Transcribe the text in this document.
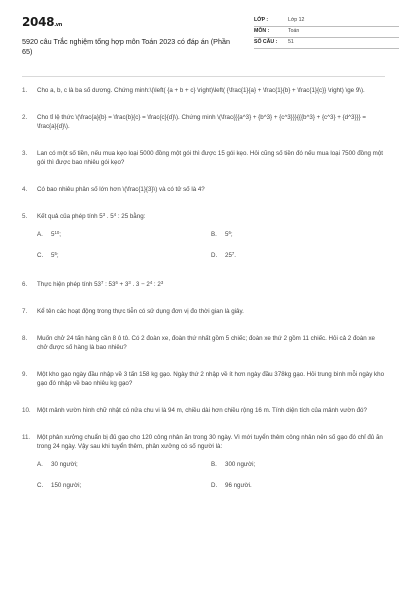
2048.vn
5920 câu Trắc nghiệm tổng hợp môn Toán 2023 có đáp án (Phần 65)
LỚP :	Lớp 12
MÔN :	Toán
SỐ CÂU :	51
1.	Cho a, b, c là ba số dương. Chứng minh:\(\left( {a + b + c} \right)\left( {\frac{1}{a} + \frac{1}{b} + \frac{1}{c}} \right) \ge 9\).
2.	Cho tỉ lệ thức \(\frac{a}{b} = \frac{b}{c} = \frac{c}{d}\). Chứng minh \(\frac{{{a^3} + {b^3} + {c^3}}}{{{b^3} + {c^3} + {d^3}}} = \frac{a}{d}\).
3.	Lan có một số tiền, nếu mua kẹo loại 5000 đồng một gói thì được 15 gói kẹo. Hỏi cũng số tiền đó nếu mua loại 7500 đồng một gói thì được bao nhiêu gói kẹo?
4.	Có bao nhiêu phân số lớn hơn \(\frac{1}{3}\) và có tử số là 4?
5.	Kết quả của phép tính $5^3$ . $5^4$ : 25 bằng:
A.	$5^{10}$;	B.	$5^6$;
C.	$5^5$;	D.	$25^7$.
6.	Thực hiện phép tính $53^7$ : $53^6 + 3^3$ . $3 - 2^4$ : $2^3$
7.	Kể tên các hoạt động trong thực tiễn có sử dụng đơn vị đo thời gian là giây.
8.	Muốn chở 24 tấn hàng cần 8 ô tô. Có 2 đoàn xe, đoàn thứ nhất gồm 5 chiếc; đoàn xe thứ 2 gồm 11 chiếc. Hỏi cả 2 đoàn xe chở được số hàng là bao nhiêu?
9.	Một kho gạo ngày đầu nhập về 3 tấn 158 kg gạo. Ngày thứ 2 nhập về ít hơn ngày đầu 378kg gạo. Hỏi trung bình mỗi ngày kho gạo đó nhập về bao nhiêu kg gạo?
10.	Một mảnh vườn hình chữ nhật có nửa chu vi là 94 m, chiều dài hơn chiều rộng 16 m. Tính diện tích của mảnh vườn đó?
11.	Một phân xưởng chuẩn bị đủ gạo cho 120 công nhân ăn trong 30 ngày. Vì mới tuyển thêm công nhân nên số gạo đó chỉ đủ ăn trong 24 ngày. Vậy sau khi tuyển thêm, phân xưởng có số người là:
A.	30 người;	B.	300 người;
C.	150 người;	D.	96 người.
